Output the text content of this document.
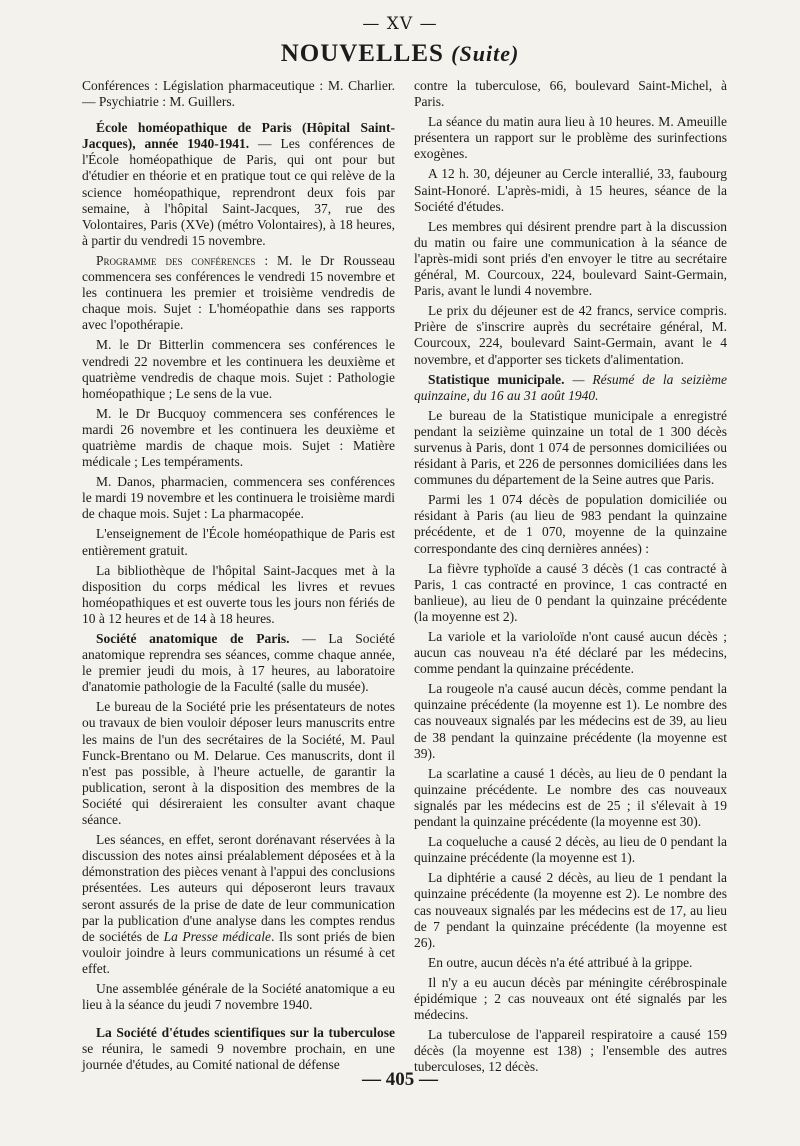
— XV —
NOUVELLES (Suite)

Conférences : Législation pharmaceutique : M. Charlier. — Psychiatrie : M. Guillers.

École homéopathique de Paris (Hôpital Saint-Jacques), année 1940-1941. — Les conférences de l'École homéopathique de Paris, qui ont pour but d'étudier en théorie et en pratique tout ce qui relève de la science homéopathique, reprendront deux fois par semaine, à l'hôpital Saint-Jacques, 37, rue des Volontaires, Paris (XVe) (métro Volontaires), à 18 heures, à partir du vendredi 15 novembre.

Programme des conférences : M. le Dr Rousseau commencera ses conférences le vendredi 15 novembre et les continuera les premier et troisième vendredis de chaque mois. Sujet : L'homéopathie dans ses rapports avec l'opothérapie.

M. le Dr Bitterlin commencera ses conférences le vendredi 22 novembre et les continuera les deuxième et quatrième vendredis de chaque mois. Sujet : Pathologie homéopathique ; Le sens de la vue.

M. le Dr Bucquoy commencera ses conférences le mardi 26 novembre et les continuera les deuxième et quatrième mardis de chaque mois. Sujet : Matière médicale ; Les tempéraments.

M. Danos, pharmacien, commencera ses conférences le mardi 19 novembre et les continuera le troisième mardi de chaque mois. Sujet : La pharmacopée.

L'enseignement de l'École homéopathique de Paris est entièrement gratuit.

La bibliothèque de l'hôpital Saint-Jacques met à la disposition du corps médical les livres et revues homéopathiques et est ouverte tous les jours non fériés de 10 à 12 heures et de 14 à 18 heures.

Société anatomique de Paris. — La Société anatomique reprendra ses séances, comme chaque année, le premier jeudi du mois, à 17 heures, au laboratoire d'anatomie pathologie de la Faculté (salle du musée).

Le bureau de la Société prie les présentateurs de notes ou travaux de bien vouloir déposer leurs manuscrits entre les mains de l'un des secrétaires de la Société, M. Paul Funck-Brentano ou M. Delarue. Ces manuscrits, dont il n'est pas possible, à l'heure actuelle, de garantir la publication, seront à la disposition des membres de la Société qui désireraient les consulter avant chaque séance.

Les séances, en effet, seront dorénavant réservées à la discussion des notes ainsi préalablement déposées et à la démonstration des pièces venant à l'appui des conclusions présentées. Les auteurs qui déposeront leurs travaux seront assurés de la prise de date de leur communication par la publication d'une analyse dans les comptes rendus de sociétés de La Presse médicale. Ils sont priés de bien vouloir joindre à leurs communications un résumé à cet effet.

Une assemblée générale de la Société anatomique a eu lieu à la séance du jeudi 7 novembre 1940.

La Société d'études scientifiques sur la tuberculose se réunira, le samedi 9 novembre prochain, en une journée d'études, au Comité national de défense

contre la tuberculose, 66, boulevard Saint-Michel, à Paris.

La séance du matin aura lieu à 10 heures. M. Ameuille présentera un rapport sur le problème des surinfections exogènes.

A 12 h. 30, déjeuner au Cercle interallié, 33, faubourg Saint-Honoré. L'après-midi, à 15 heures, séance de la Société d'études.

Les membres qui désirent prendre part à la discussion du matin ou faire une communication à la séance de l'après-midi sont priés d'en envoyer le titre au secrétaire général, M. Courcoux, 224, boulevard Saint-Germain, Paris, avant le lundi 4 novembre.

Le prix du déjeuner est de 42 francs, service compris. Prière de s'inscrire auprès du secrétaire général, M. Courcoux, 224, boulevard Saint-Germain, avant le 4 novembre, et d'apporter ses tickets d'alimentation.

Statistique municipale. — Résumé de la seizième quinzaine, du 16 au 31 août 1940.

Le bureau de la Statistique municipale a enregistré pendant la seizième quinzaine un total de 1 300 décès survenus à Paris, dont 1 074 de personnes domiciliées ou résidant à Paris, et 226 de personnes domiciliées dans les communes du département de la Seine autres que Paris.

Parmi les 1 074 décès de population domiciliée ou résidant à Paris (au lieu de 983 pendant la quinzaine précédente, et de 1 070, moyenne de la quinzaine correspondante des cinq dernières années) :

La fièvre typhoïde a causé 3 décès (1 cas contracté à Paris, 1 cas contracté en province, 1 cas contracté en banlieue), au lieu de 0 pendant la quinzaine précédente (la moyenne est 2).

La variole et la varioloïde n'ont causé aucun décès ; aucun cas nouveau n'a été déclaré par les médecins, comme pendant la quinzaine précédente.

La rougeole n'a causé aucun décès, comme pendant la quinzaine précédente (la moyenne est 1). Le nombre des cas nouveaux signalés par les médecins est de 39, au lieu de 38 pendant la quinzaine précédente (la moyenne est 39).

La scarlatine a causé 1 décès, au lieu de 0 pendant la quinzaine précédente. Le nombre des cas nouveaux signalés par les médecins est de 25 ; il s'élevait à 19 pendant la quinzaine précédente (la moyenne est 30).

La coqueluche a causé 2 décès, au lieu de 0 pendant la quinzaine précédente (la moyenne est 1).

La diphtérie a causé 2 décès, au lieu de 1 pendant la quinzaine précédente (la moyenne est 2). Le nombre des cas nouveaux signalés par les médecins est de 17, au lieu de 7 pendant la quinzaine précédente (la moyenne est 26).

En outre, aucun décès n'a été attribué à la grippe.

Il n'y a eu aucun décès par méningite cérébrospinale épidémique ; 2 cas nouveaux ont été signalés par les médecins.

La tuberculose de l'appareil respiratoire a causé 159 décès (la moyenne est 138) ; l'ensemble des autres tuberculoses, 12 décès.

— 405 —
